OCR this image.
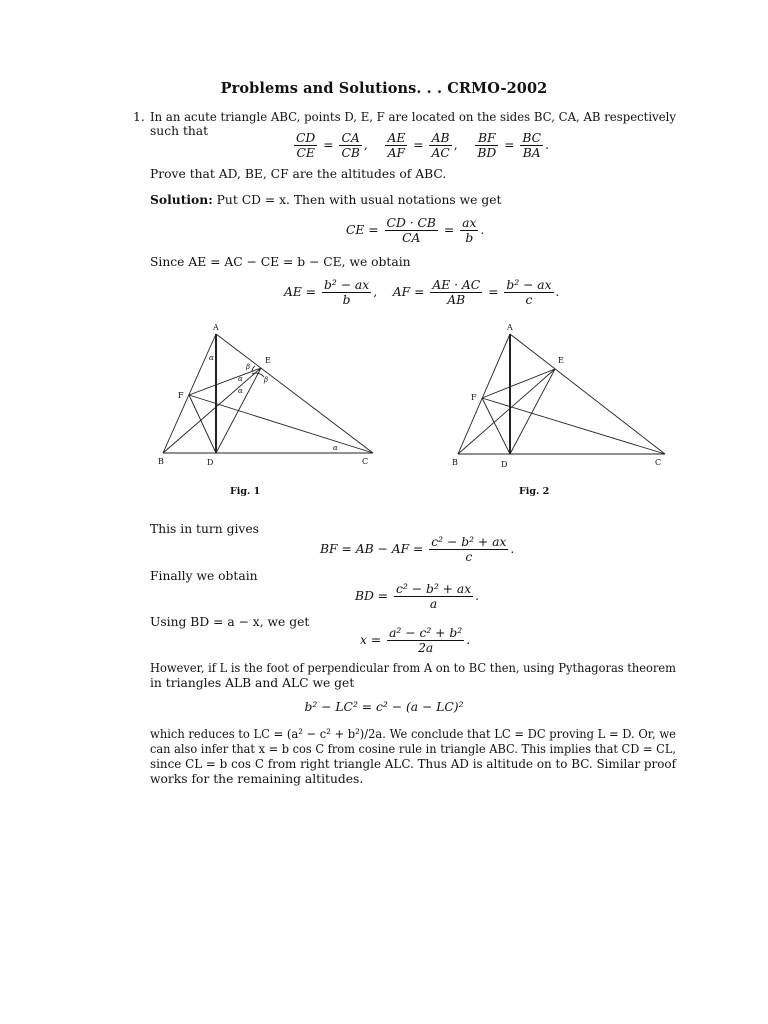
Problems and Solutions. . . CRMO-2002
1. In an acute triangle ABC, points D, E, F are located on the sides BC, CA, AB respectively
such that	$\frac{CD}{CE} = \frac{CA}{CB}$ , $\frac{AE}{AF} = \frac{AB}{AC}$ , $\frac{BF}{BD} = \frac{BC}{BA}$ .
Prove that AD, BE, CF are the altitudes of ABC.
Solution: Put CD = x. Then with usual notations we get
CE = $\frac{CD \cdot CB}{CA} = \frac{ax}{b}$ .
Since AE = AC − CE = b − CE, we obtain
AE = $\frac{\text{b² − ax}}{b}$ , AF = $\frac{AE \cdot AC}{AB} = \frac{\text{b² − ax}}{c}$ .
A
E
F
B	D	C
α
β
α
α
β
α
A
E
F
B	D	C
Fig. 1	Fig. 2
This in turn gives
BF = AB − AF = $\frac{\text{c² − b² + ax}}{c}$ .
Finally we obtain
BD = $\frac{\text{c² − b² + ax}}{a}$ .
Using BD = a − x, we get
$x = \frac{\text{a² − c² + b²}}{2a}$ .
However, if L is the foot of perpendicular from A on to BC then, using Pythagoras theorem
in triangles ALB and ALC we get
b² − LC² = c² − (a − LC)²
which reduces to LC = (a² − c² + b²)/2a. We conclude that LC = DC proving L = D. Or, we
can also infer that x = b cos C from cosine rule in triangle ABC. This implies that CD = CL,
since CL = b cos C from right triangle ALC. Thus AD is altitude on to BC. Similar proof
works for the remaining altitudes.
